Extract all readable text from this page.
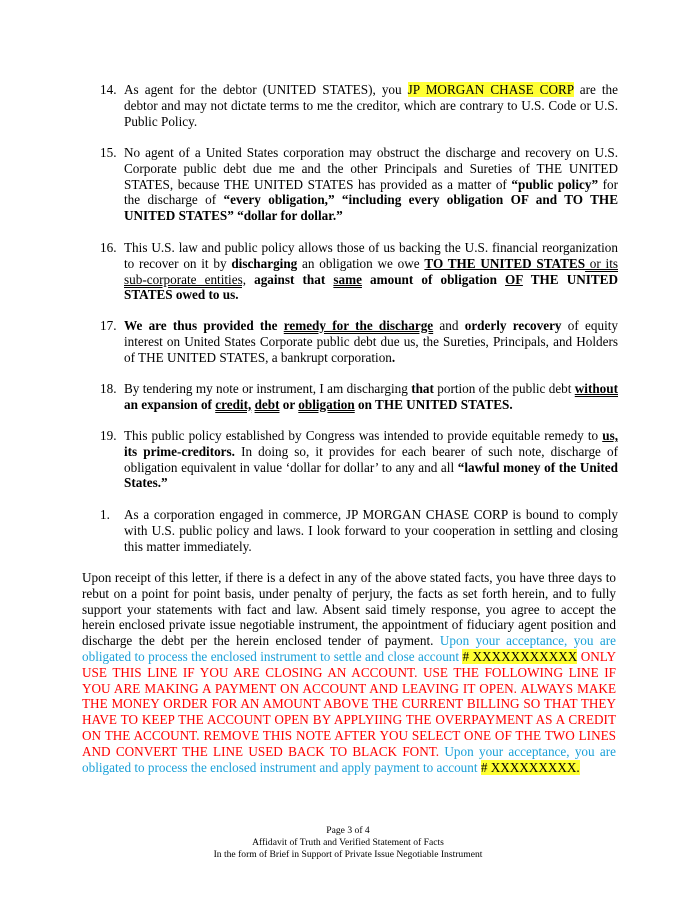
14. As agent for the debtor (UNITED STATES), you JP MORGAN CHASE CORP are the debtor and may not dictate terms to me the creditor, which are contrary to U.S. Code or U.S. Public Policy.
15. No agent of a United States corporation may obstruct the discharge and recovery on U.S. Corporate public debt due me and the other Principals and Sureties of THE UNITED STATES, because THE UNITED STATES has provided as a matter of “public policy” for the discharge of “every obligation,” “including every obligation OF and TO THE UNITED STATES” “dollar for dollar.”
16. This U.S. law and public policy allows those of us backing the U.S. financial reorganization to recover on it by discharging an obligation we owe TO THE UNITED STATES or its sub-corporate entities, against that same amount of obligation OF THE UNITED STATES owed to us.
17. We are thus provided the remedy for the discharge and orderly recovery of equity interest on United States Corporate public debt due us, the Sureties, Principals, and Holders of THE UNITED STATES, a bankrupt corporation.
18. By tendering my note or instrument, I am discharging that portion of the public debt without an expansion of credit, debt or obligation on THE UNITED STATES.
19. This public policy established by Congress was intended to provide equitable remedy to us, its prime-creditors. In doing so, it provides for each bearer of such note, discharge of obligation equivalent in value ‘dollar for dollar’ to any and all “lawful money of the United States.”
1. As a corporation engaged in commerce, JP MORGAN CHASE CORP is bound to comply with U.S. public policy and laws. I look forward to your cooperation in settling and closing this matter immediately.
Upon receipt of this letter, if there is a defect in any of the above stated facts, you have three days to rebut on a point for point basis, under penalty of perjury, the facts as set forth herein, and to fully support your statements with fact and law. Absent said timely response, you agree to accept the herein enclosed private issue negotiable instrument, the appointment of fiduciary agent position and discharge the debt per the herein enclosed tender of payment. Upon your acceptance, you are obligated to process the enclosed instrument to settle and close account # XXXXXXXXXXX ONLY USE THIS LINE IF YOU ARE CLOSING AN ACCOUNT. USE THE FOLLOWING LINE IF YOU ARE MAKING A PAYMENT ON ACCOUNT AND LEAVING IT OPEN. ALWAYS MAKE THE MONEY ORDER FOR AN AMOUNT ABOVE THE CURRENT BILLING SO THAT THEY HAVE TO KEEP THE ACCOUNT OPEN BY APPLYIING THE OVERPAYMENT AS A CREDIT ON THE ACCOUNT. REMOVE THIS NOTE AFTER YOU SELECT ONE OF THE TWO LINES AND CONVERT THE LINE USED BACK TO BLACK FONT. Upon your acceptance, you are obligated to process the enclosed instrument and apply payment to account # XXXXXXXXX.
Page 3 of 4
Affidavit of Truth and Verified Statement of Facts
In the form of Brief in Support of Private Issue Negotiable Instrument
